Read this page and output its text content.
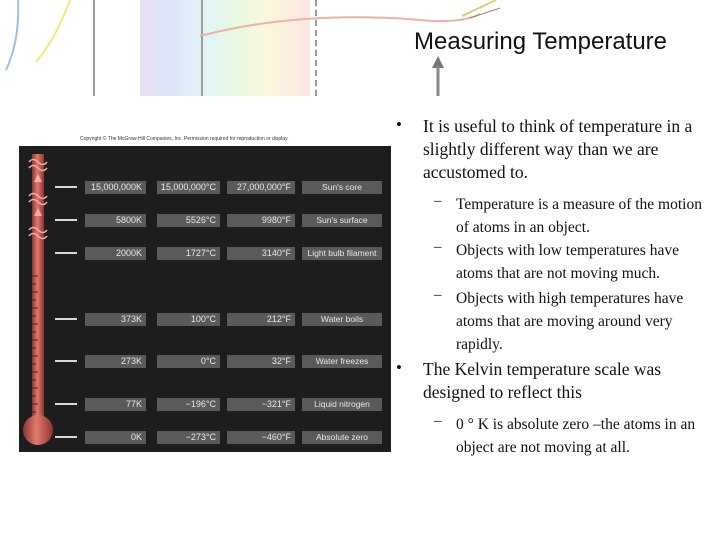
Measuring Temperature
Copyright © The McGraw-Hill Companies, Inc. Permission required for reproduction or display.
15,000,000K	15,000,000°C	27,000,000°F	Sun's core
5800K	5526°C	9980°F	Sun's surface
2000K	1727°C	3140°F	Light bulb filament
373K	100°C	212°F	Water boils
273K	0°C	32°F	Water freezes
77K	−196°C	−321°F	Liquid nitrogen
0K	−273°C	−460°F	Absolute zero
• It is useful to think of temperature in a slightly different way than we are accustomed to.
– Temperature is a measure of the motion of atoms in an object.
– Objects with low temperatures have atoms that are not moving much.
– Objects with high temperatures have atoms that are moving around very rapidly.
• The Kelvin temperature scale was designed to reflect this
– 0 ° K is absolute zero –the atoms in an object are not moving at all.
